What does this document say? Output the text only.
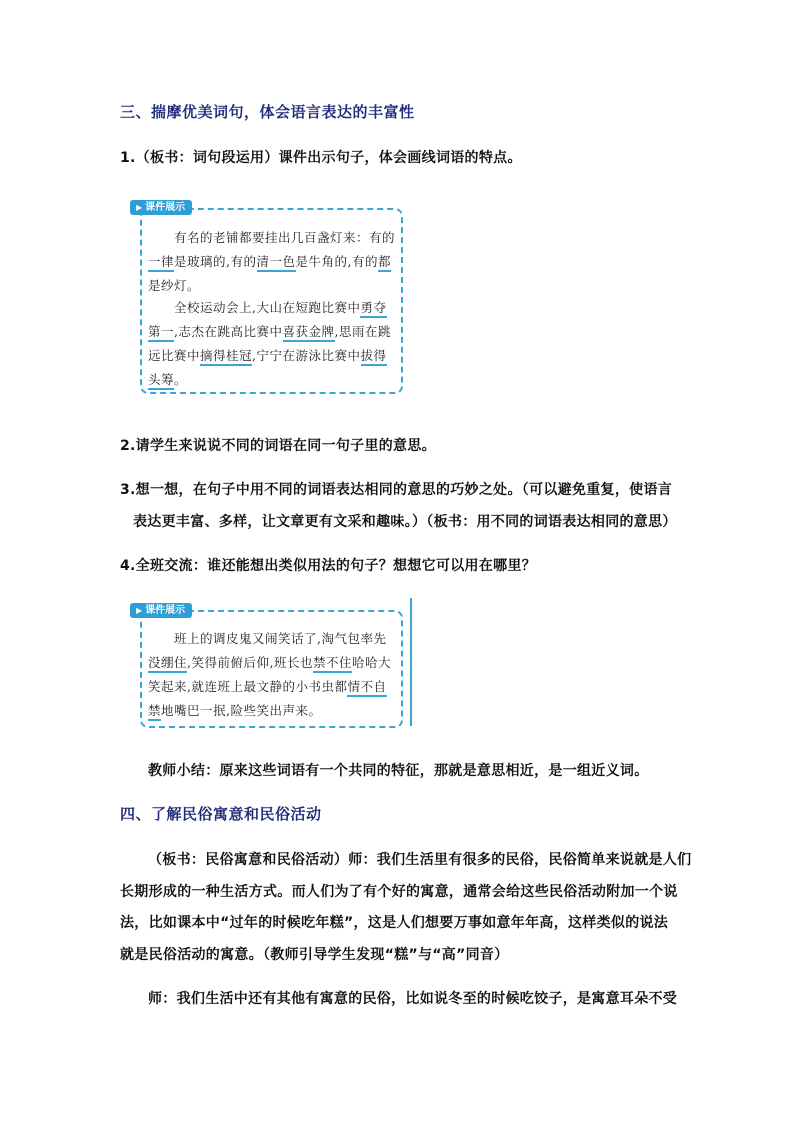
三、揣摩优美词句，体会语言表达的丰富性
1.（板书：词句段运用）课件出示句子，体会画线词语的特点。
▶ 课件展示
有名的老铺都要挂出几百盏灯来：有的
一律是玻璃的,有的清一色是牛角的,有的都
是纱灯。
全校运动会上,大山在短跑比赛中勇夺
第一,志杰在跳高比赛中喜获金牌,思雨在跳
远比赛中摘得桂冠,宁宁在游泳比赛中拔得
头筹。
2.请学生来说说不同的词语在同一句子里的意思。
3.想一想，在句子中用不同的词语表达相同的意思的巧妙之处。（可以避免重复，使语言
表达更丰富、多样，让文章更有文采和趣味。）（板书：用不同的词语表达相同的意思）
4.全班交流：谁还能想出类似用法的句子？想想它可以用在哪里？
▶ 课件展示
班上的调皮鬼又闹笑话了,淘气包率先
没绷住,笑得前俯后仰,班长也禁不住哈哈大
笑起来,就连班上最文静的小书虫都情不自
禁地嘴巴一抿,险些笑出声来。
教师小结：原来这些词语有一个共同的特征，那就是意思相近，是一组近义词。
四、了解民俗寓意和民俗活动
（板书：民俗寓意和民俗活动）师：我们生活里有很多的民俗，民俗简单来说就是人们
长期形成的一种生活方式。而人们为了有个好的寓意，通常会给这些民俗活动附加一个说
法，比如课本中“过年的时候吃年糕”，这是人们想要万事如意年年高，这样类似的说法
就是民俗活动的寓意。（教师引导学生发现“糕”与“高”同音）
师：我们生活中还有其他有寓意的民俗，比如说冬至的时候吃饺子，是寓意耳朵不受
